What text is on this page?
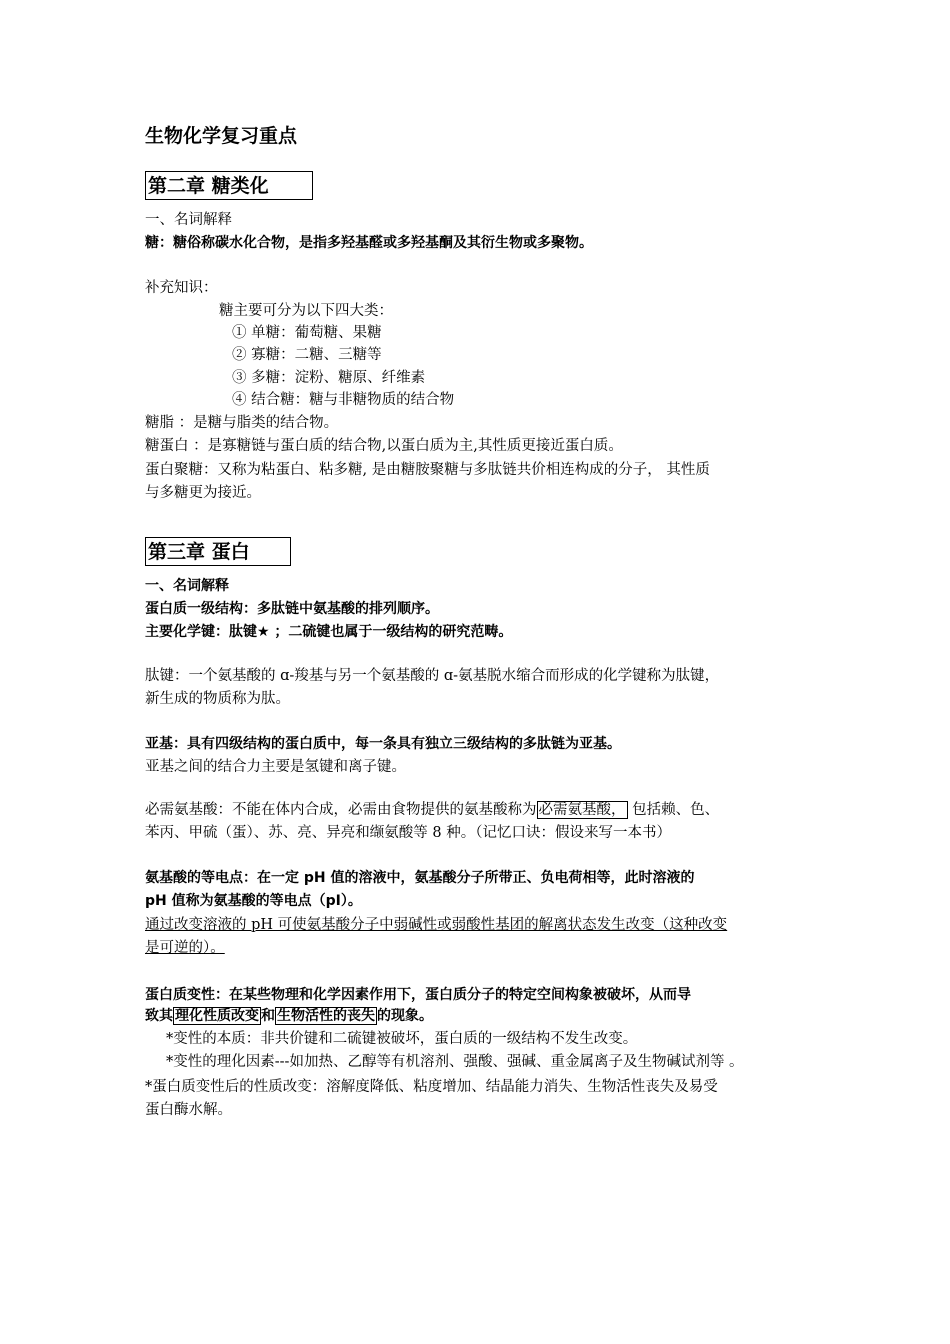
生物化学复习重点
第二章 糖类化
一、名词解释
糖：糖俗称碳水化合物，是指多羟基醛或多羟基酮及其衍生物或多聚物。
补充知识：
糖主要可分为以下四大类：
① 单糖：葡萄糖、果糖
② 寡糖：二糖、三糖等
③ 多糖：淀粉、糖原、纤维素
④ 结合糖：糖与非糖物质的结合物
糖脂 ：是糖与脂类的结合物。
糖蛋白 ：是寡糖链与蛋白质的结合物,以蛋白质为主,其性质更接近蛋白质。
蛋白聚糖：又称为粘蛋白、粘多糖, 是由糖胺聚糖与多肽链共价相连构成的分子， 其性质
与多糖更为接近。
第三章 蛋白
一、名词解释
蛋白质一级结构：多肽链中氨基酸的排列顺序。
主要化学键：肽键★ ；二硫键也属于一级结构的研究范畴。
肽键：一个氨基酸的 ɑ-羧基与另一个氨基酸的 ɑ-氨基脱水缩合而形成的化学键称为肽键，
新生成的物质称为肽。
亚基：具有四级结构的蛋白质中，每一条具有独立三级结构的多肽链为亚基。
亚基之间的结合力主要是氢键和离子键。
必需氨基酸：不能在体内合成，必需由食物提供的氨基酸称为 必需氨基酸， 包括赖、色、
苯丙、甲硫（蛋）、苏、亮、异亮和缬氨酸等 8 种。（记忆口诀：假设来写一本书）
氨基酸的等电点：在一定 pH 值的溶液中，氨基酸分子所带正、负电荷相等，此时溶液的
pH 值称为氨基酸的等电点（pI）。
通过改变溶液的 pH 可使氨基酸分子中弱碱性或弱酸性基团的解离状态发生改变（这种改变
是可逆的）。
蛋白质变性：在某些物理和化学因素作用下，蛋白质分子的特定空间构象被破坏，从而导
致其 理化性质改变 和 生物活性的丧失 的现象。
*变性的本质：非共价键和二硫键被破坏，蛋白质的一级结构不发生改变。
*变性的理化因素---如加热、乙醇等有机溶剂、强酸、强碱、重金属离子及生物碱试剂等 。
*蛋白质变性后的性质改变：溶解度降低、粘度增加、结晶能力消失、生物活性丧失及易受
蛋白酶水解。
